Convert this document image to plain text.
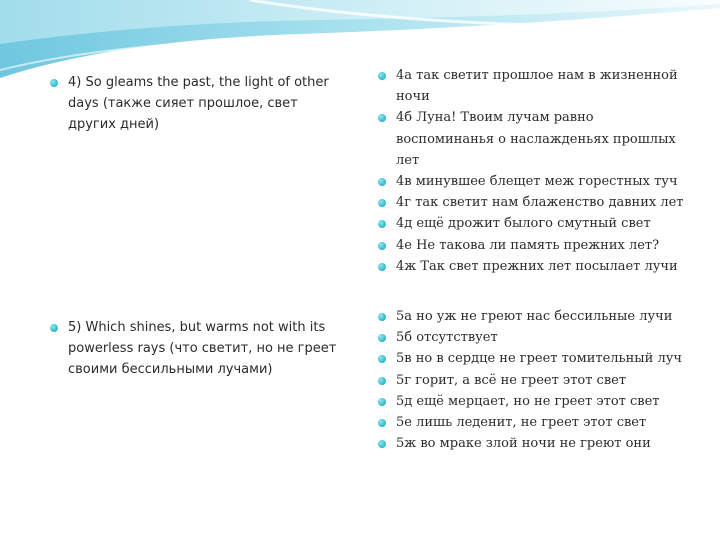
4) So gleams the past, the light of other days (также сияет прошлое, свет других дней)
4а так светит прошлое нам в жизненной ночи
4б Луна! Твоим лучам равно воспоминанья о наслажденьях прошлых лет
4в минувшее блещет меж горестных туч
4г так светит нам блаженство давних лет
4д ещё дрожит былого смутный свет
4е Не такова ли память прежних лет?
4ж Так свет прежних лет посылает лучи
5) Which shines, but warms not with its powerless rays (что светит, но не греет своими бессильными лучами)
5а но уж не греют нас бессильные лучи
5б отсутствует
5в но в сердце не греет томительный луч
5г горит, а всё не греет этот свет
5д ещё мерцает, но не греет этот свет
5е лишь леденит, не греет этот свет
5ж во мраке злой ночи не греют они
